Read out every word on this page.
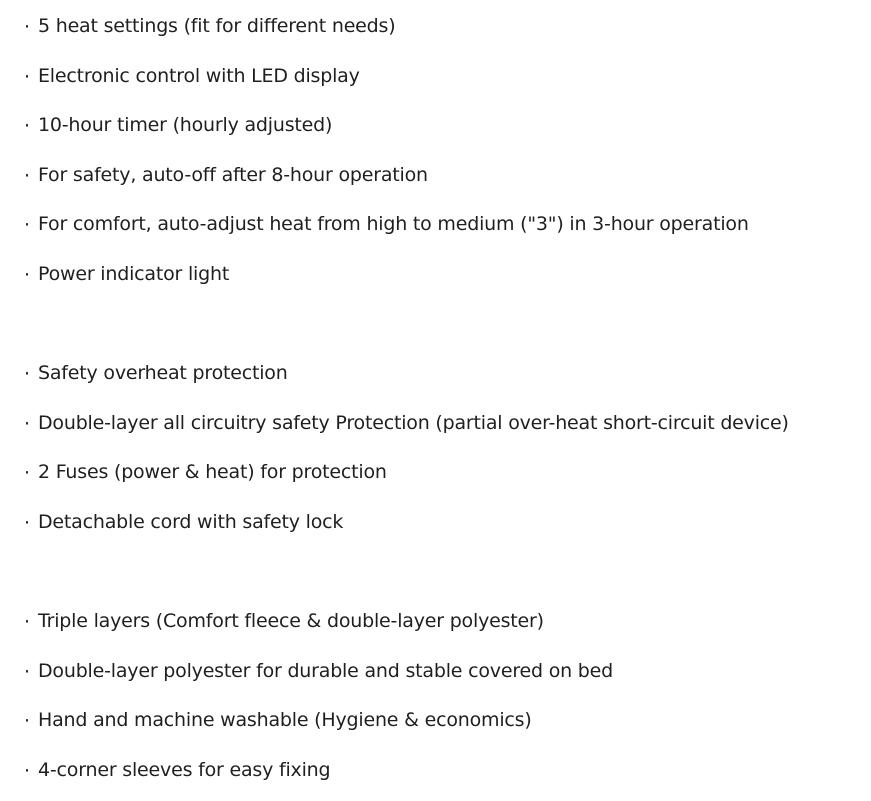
· 5 heat settings (fit for different needs)
· Electronic control with LED display
· 10-hour timer (hourly adjusted)
· For safety, auto-off after 8-hour operation
· For comfort, auto-adjust heat from high to medium ("3") in 3-hour operation
· Power indicator light
· Safety overheat protection
· Double-layer all circuitry safety Protection (partial over-heat short-circuit device)
· 2 Fuses (power & heat) for protection
· Detachable cord with safety lock
· Triple layers (Comfort fleece & double-layer polyester)
· Double-layer polyester for durable and stable covered on bed
· Hand and machine washable (Hygiene & economics)
· 4-corner sleeves for easy fixing
